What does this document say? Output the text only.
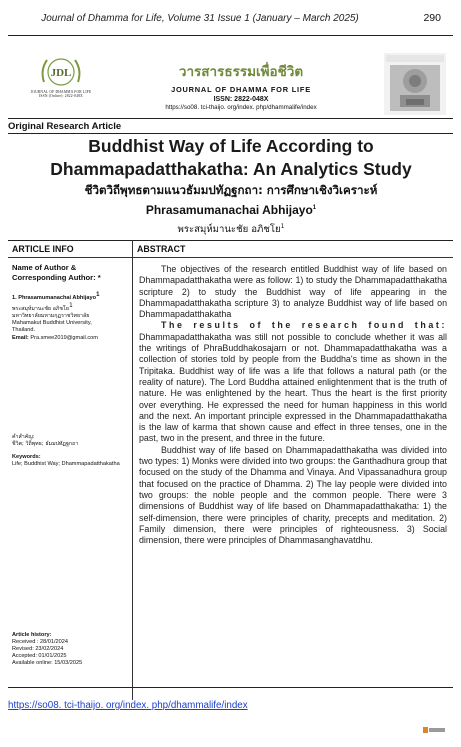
Journal of Dhamma for Life, Volume 31 Issue 1 (January – March 2025)	290
JDL
JOURNAL OF DHAMMA FOR LIFE
ISSN (Online): 2822-048X
วารสารธรรมเพื่อชีวิต
JOURNAL OF DHAMMA FOR LIFE
ISSN: 2822-048X
https://so08. tci-thaijo. org/index. php/dhammalife/index
Original Research Article
Buddhist Way of Life According to Dhammapadatthakatha: An Analytics Study
ชีวิตวิถีพุทธตามแนวธัมมปทัฏฐกถา: การศึกษาเชิงวิเคราะห์
Phrasamumanachai Abhijayo$^1$
พระสมุห์มานะชัย อภิชโย$^1$
ARTICLE INFO
Name of Author & Corresponding Author: *
1. Phrasamumanachai Abhijayo$^1$
พระสมุห์มานะชัย อภิชโย$^1$
มหาวิทยาลัยมหามกุฏราชวิทยาลัย
Mahamakut Buddhist University,
Thailand.
Email: Pra.smee2019@gmail.com
คำสำคัญ:
ชีวิต; วิถีพุทธ; ธัมมปทัฏฐกถา
Keywords:
Life; Buddhist Way; Dhammapadatthakatha
Article history:
Received : 28/01/2024
Revised: 23/02/2024
Accepted: 01/01/2025
Available online: 15/03/2025
ABSTRACT

The objectives of the research entitled Buddhist way of life based on Dhammapadatthakatha were as follow: 1) to study the Dhammapadatthakatha scripture 2) to study the Buddhist way of life appearing in the Dhammapadatthakatha scripture 3) to analyze Buddhist way of life based on Dhammapadatthakatha

The results of the research found that: Dhammapadatthakatha was still not possible to conclude whether it was all the writings of PhraBuddhakosajarn or not. Dhammapadatthakatha was a collection of stories told by people from the Buddha's time as shown in the Tripitaka. Buddhist way of life was a life that follows a natural path (or the reality of nature). The Lord Buddha attained enlightenment that is the truth of nature. He was enlightened by the heart. Thus the heart is the first priority over everything. He expressed the need for human happiness in this world and the next. An important principle expressed in the Dhammapadatthakatha is the law of karma that shown cause and effect in three tenses, one in the past, two in the present, and three in the future.

Buddhist way of life based on Dhammapadatthakatha was divided into two types: 1) Monks were divided into two groups: the Ganthadhura group that focused on the study of the Dhamma and Vinaya. And Vipassanadhura group that focused on the practice of Dhamma. 2) The lay people were divided into two groups: the noble people and the common people. There were 3 dimensions of Buddhist way of life based on Dhammapadatthakatha: 1) the self-dimension, there were principles of charity, precepts and meditation. 2) Family dimension, there were principles of righteousness. 3) Social dimension, there were principles of Dhammasanghavatdhu.

https://so08. tci-thaijo. org/index. php/dhammalife/index
